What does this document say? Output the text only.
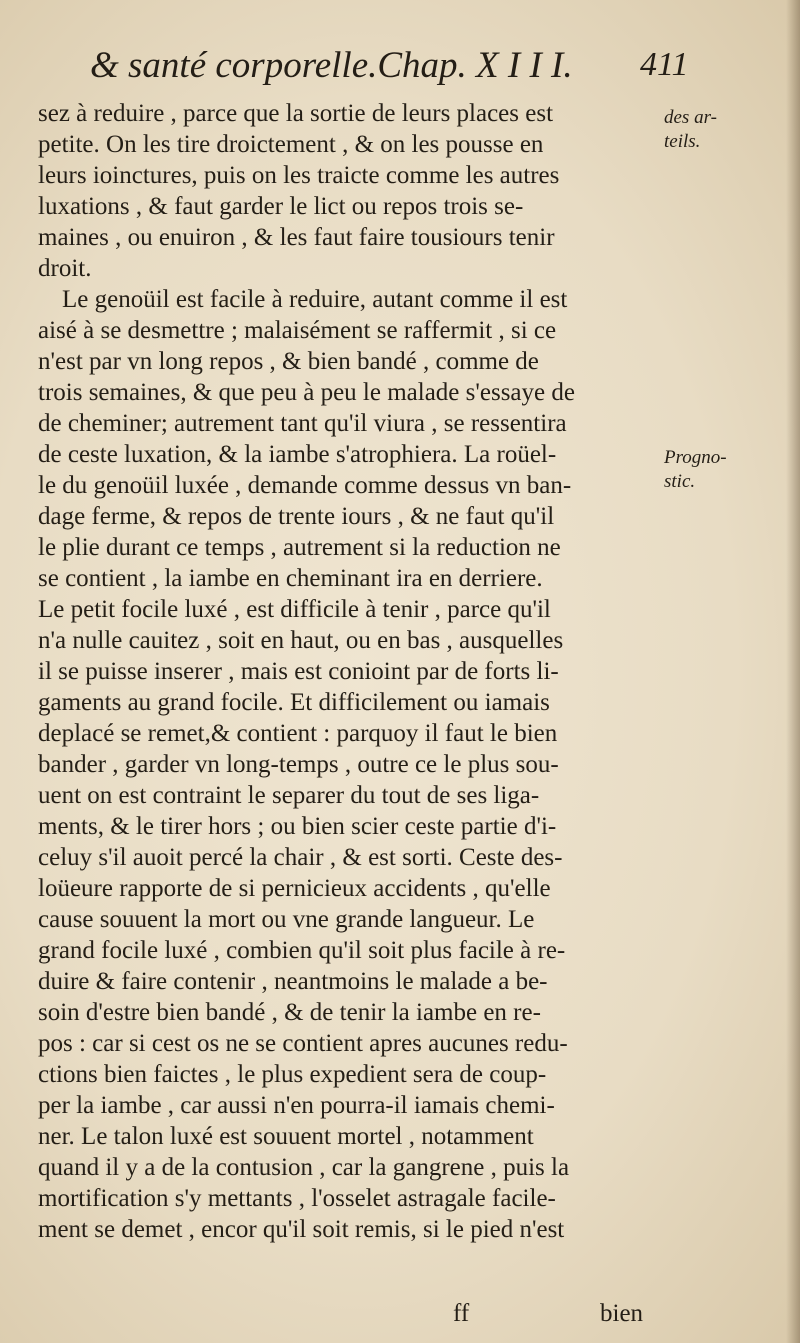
& santé corporelle.Chap. X I I I. 411
sez à reduire , parce que la sortie de leurs places est
petite. On les tire droictement , & on les pousse en
leurs ioinctures, puis on les traicte comme les autres
luxations , & faut garder le lict ou repos trois se-
maines , ou enuiron , & les faut faire tousiours tenir
droit.
Le genoüil est facile à reduire, autant comme il est
aisé à se desmettre ; malaisément se raffermit , si ce
n'est par vn long repos , & bien bandé , comme de
trois semaines, & que peu à peu le malade s'essaye de
de cheminer; autrement tant qu'il viura , se ressentira
de ceste luxation, & la iambe s'atrophiera. La roüel-
le du genoüil luxée , demande comme dessus vn ban-
dage ferme, & repos de trente iours , & ne faut qu'il
le plie durant ce temps , autrement si la reduction ne
se contient , la iambe en cheminant ira en derriere.
Le petit focile luxé , est difficile à tenir , parce qu'il
n'a nulle cauitez , soit en haut, ou en bas , ausquelles
il se puisse inserer , mais est conioint par de forts li-
gaments au grand focile. Et difficilement ou iamais
deplacé se remet,& contient : parquoy il faut le bien
bander , garder vn long-temps , outre ce le plus sou-
uent on est contraint le separer du tout de ses liga-
ments, & le tirer hors ; ou bien scier ceste partie d'i-
celuy s'il auoit percé la chair , & est sorti. Ceste des-
loüeure rapporte de si pernicieux accidents , qu'elle
cause souuent la mort ou vne grande langueur. Le
grand focile luxé , combien qu'il soit plus facile à re-
duire & faire contenir , neantmoins le malade a be-
soin d'estre bien bandé , & de tenir la iambe en re-
pos : car si cest os ne se contient apres aucunes redu-
ctions bien faictes , le plus expedient sera de coup-
per la iambe , car aussi n'en pourra-il iamais chemi-
ner. Le talon luxé est souuent mortel , notamment
quand il y a de la contusion , car la gangrene , puis la
mortification s'y mettants , l'osselet astragale facile-
ment se demet , encor qu'il soit remis, si le pied n'est
des ar-
teils.
Progno-
stic.
ff	bien
